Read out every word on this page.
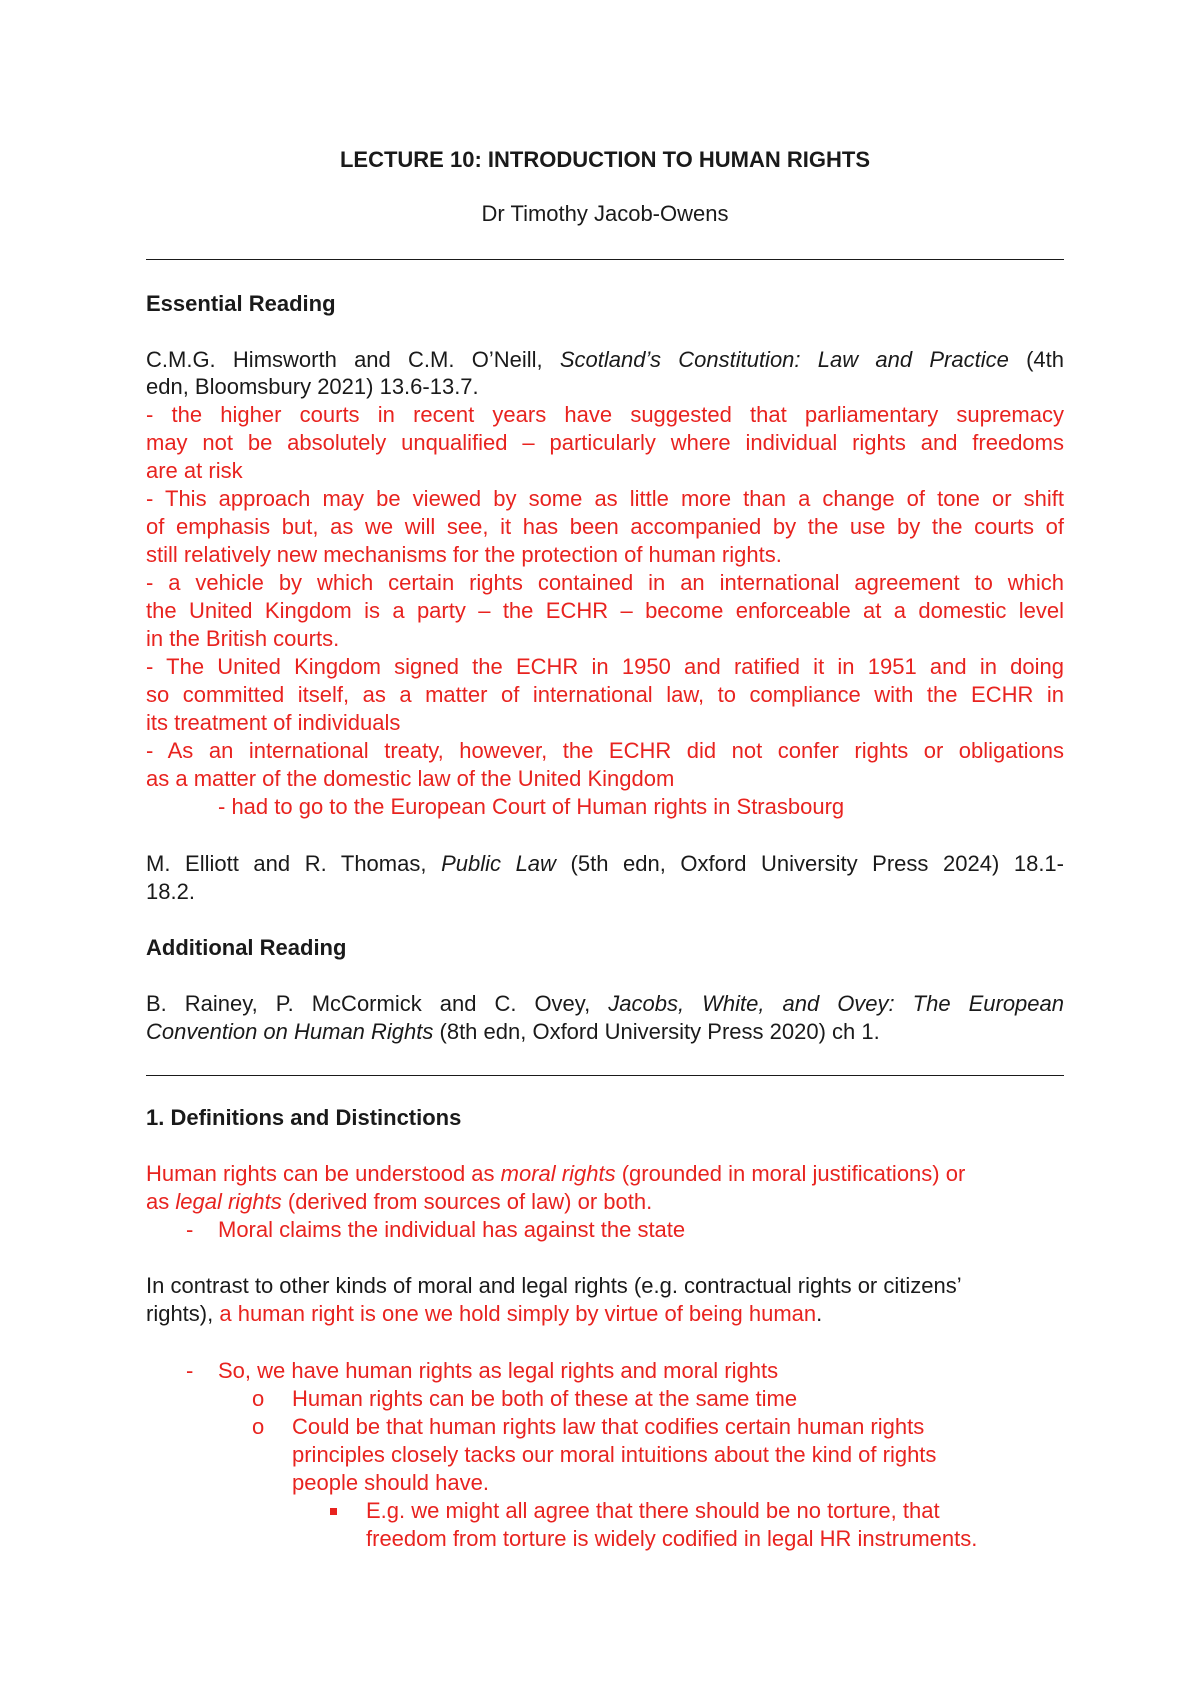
LECTURE 10: INTRODUCTION TO HUMAN RIGHTS
Dr Timothy Jacob-Owens
Essential Reading
C.M.G. Himsworth and C.M. O’Neill, Scotland’s Constitution: Law and Practice (4th
edn, Bloomsbury 2021) 13.6-13.7.
- the higher courts in recent years have suggested that parliamentary supremacy
may not be absolutely unqualified – particularly where individual rights and freedoms
are at risk
- This approach may be viewed by some as little more than a change of tone or shift
of emphasis but, as we will see, it has been accompanied by the use by the courts of
still relatively new mechanisms for the protection of human rights.
- a vehicle by which certain rights contained in an international agreement to which
the United Kingdom is a party – the ECHR – become enforceable at a domestic level
in the British courts.
- The United Kingdom signed the ECHR in 1950 and ratified it in 1951 and in doing
so committed itself, as a matter of international law, to compliance with the ECHR in
its treatment of individuals
- As an international treaty, however, the ECHR did not confer rights or obligations
as a matter of the domestic law of the United Kingdom
- had to go to the European Court of Human rights in Strasbourg
M. Elliott and R. Thomas, Public Law (5th edn, Oxford University Press 2024) 18.1-
18.2.
Additional Reading
B. Rainey, P. McCormick and C. Ovey, Jacobs, White, and Ovey: The European
Convention on Human Rights (8th edn, Oxford University Press 2020) ch 1.
1. Definitions and Distinctions
Human rights can be understood as moral rights (grounded in moral justifications) or
as legal rights (derived from sources of law) or both.
- Moral claims the individual has against the state
In contrast to other kinds of moral and legal rights (e.g. contractual rights or citizens’
rights), a human right is one we hold simply by virtue of being human.
- So, we have human rights as legal rights and moral rights
o Human rights can be both of these at the same time
o Could be that human rights law that codifies certain human rights
principles closely tacks our moral intuitions about the kind of rights
people should have.
E.g. we might all agree that there should be no torture, that
freedom from torture is widely codified in legal HR instruments.
